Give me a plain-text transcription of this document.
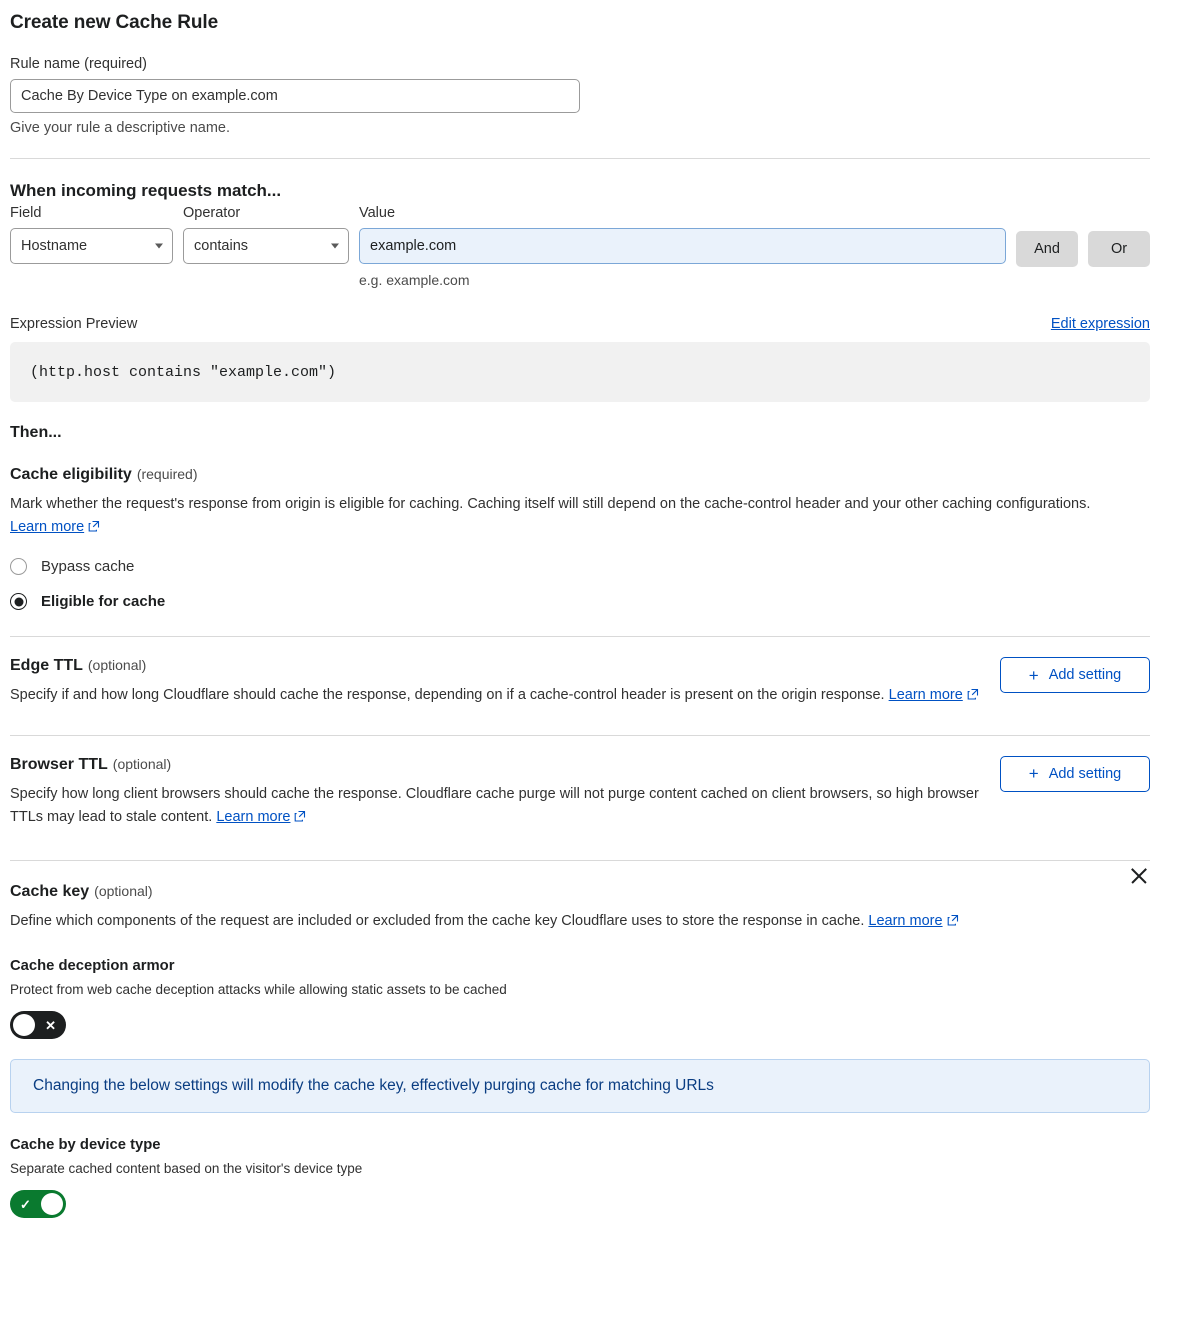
Create new Cache Rule
Rule name (required)
Cache By Device Type on example.com
Give your rule a descriptive name.
When incoming requests match...
Field
Hostname
Operator
contains
Value
example.com
e.g. example.com
And	Or
Expression Preview	Edit expression
(http.host contains "example.com")
Then...
Cache eligibility (required)
Mark whether the request's response from origin is eligible for caching. Caching itself will still depend on the cache-control header and your other caching configurations. Learn more
Bypass cache
Eligible for cache
Edge TTL (optional)
Specify if and how long Cloudflare should cache the response, depending on if a cache-control header is present on the origin response. Learn more
+ Add setting
Browser TTL (optional)
Specify how long client browsers should cache the response. Cloudflare cache purge will not purge content cached on client browsers, so high browser TTLs may lead to stale content. Learn more
+ Add setting
Cache key (optional)
Define which components of the request are included or excluded from the cache key Cloudflare uses to store the response in cache. Learn more
Cache deception armor
Protect from web cache deception attacks while allowing static assets to be cached
✕
Changing the below settings will modify the cache key, effectively purging cache for matching URLs
Cache by device type
Separate cached content based on the visitor's device type
✓
